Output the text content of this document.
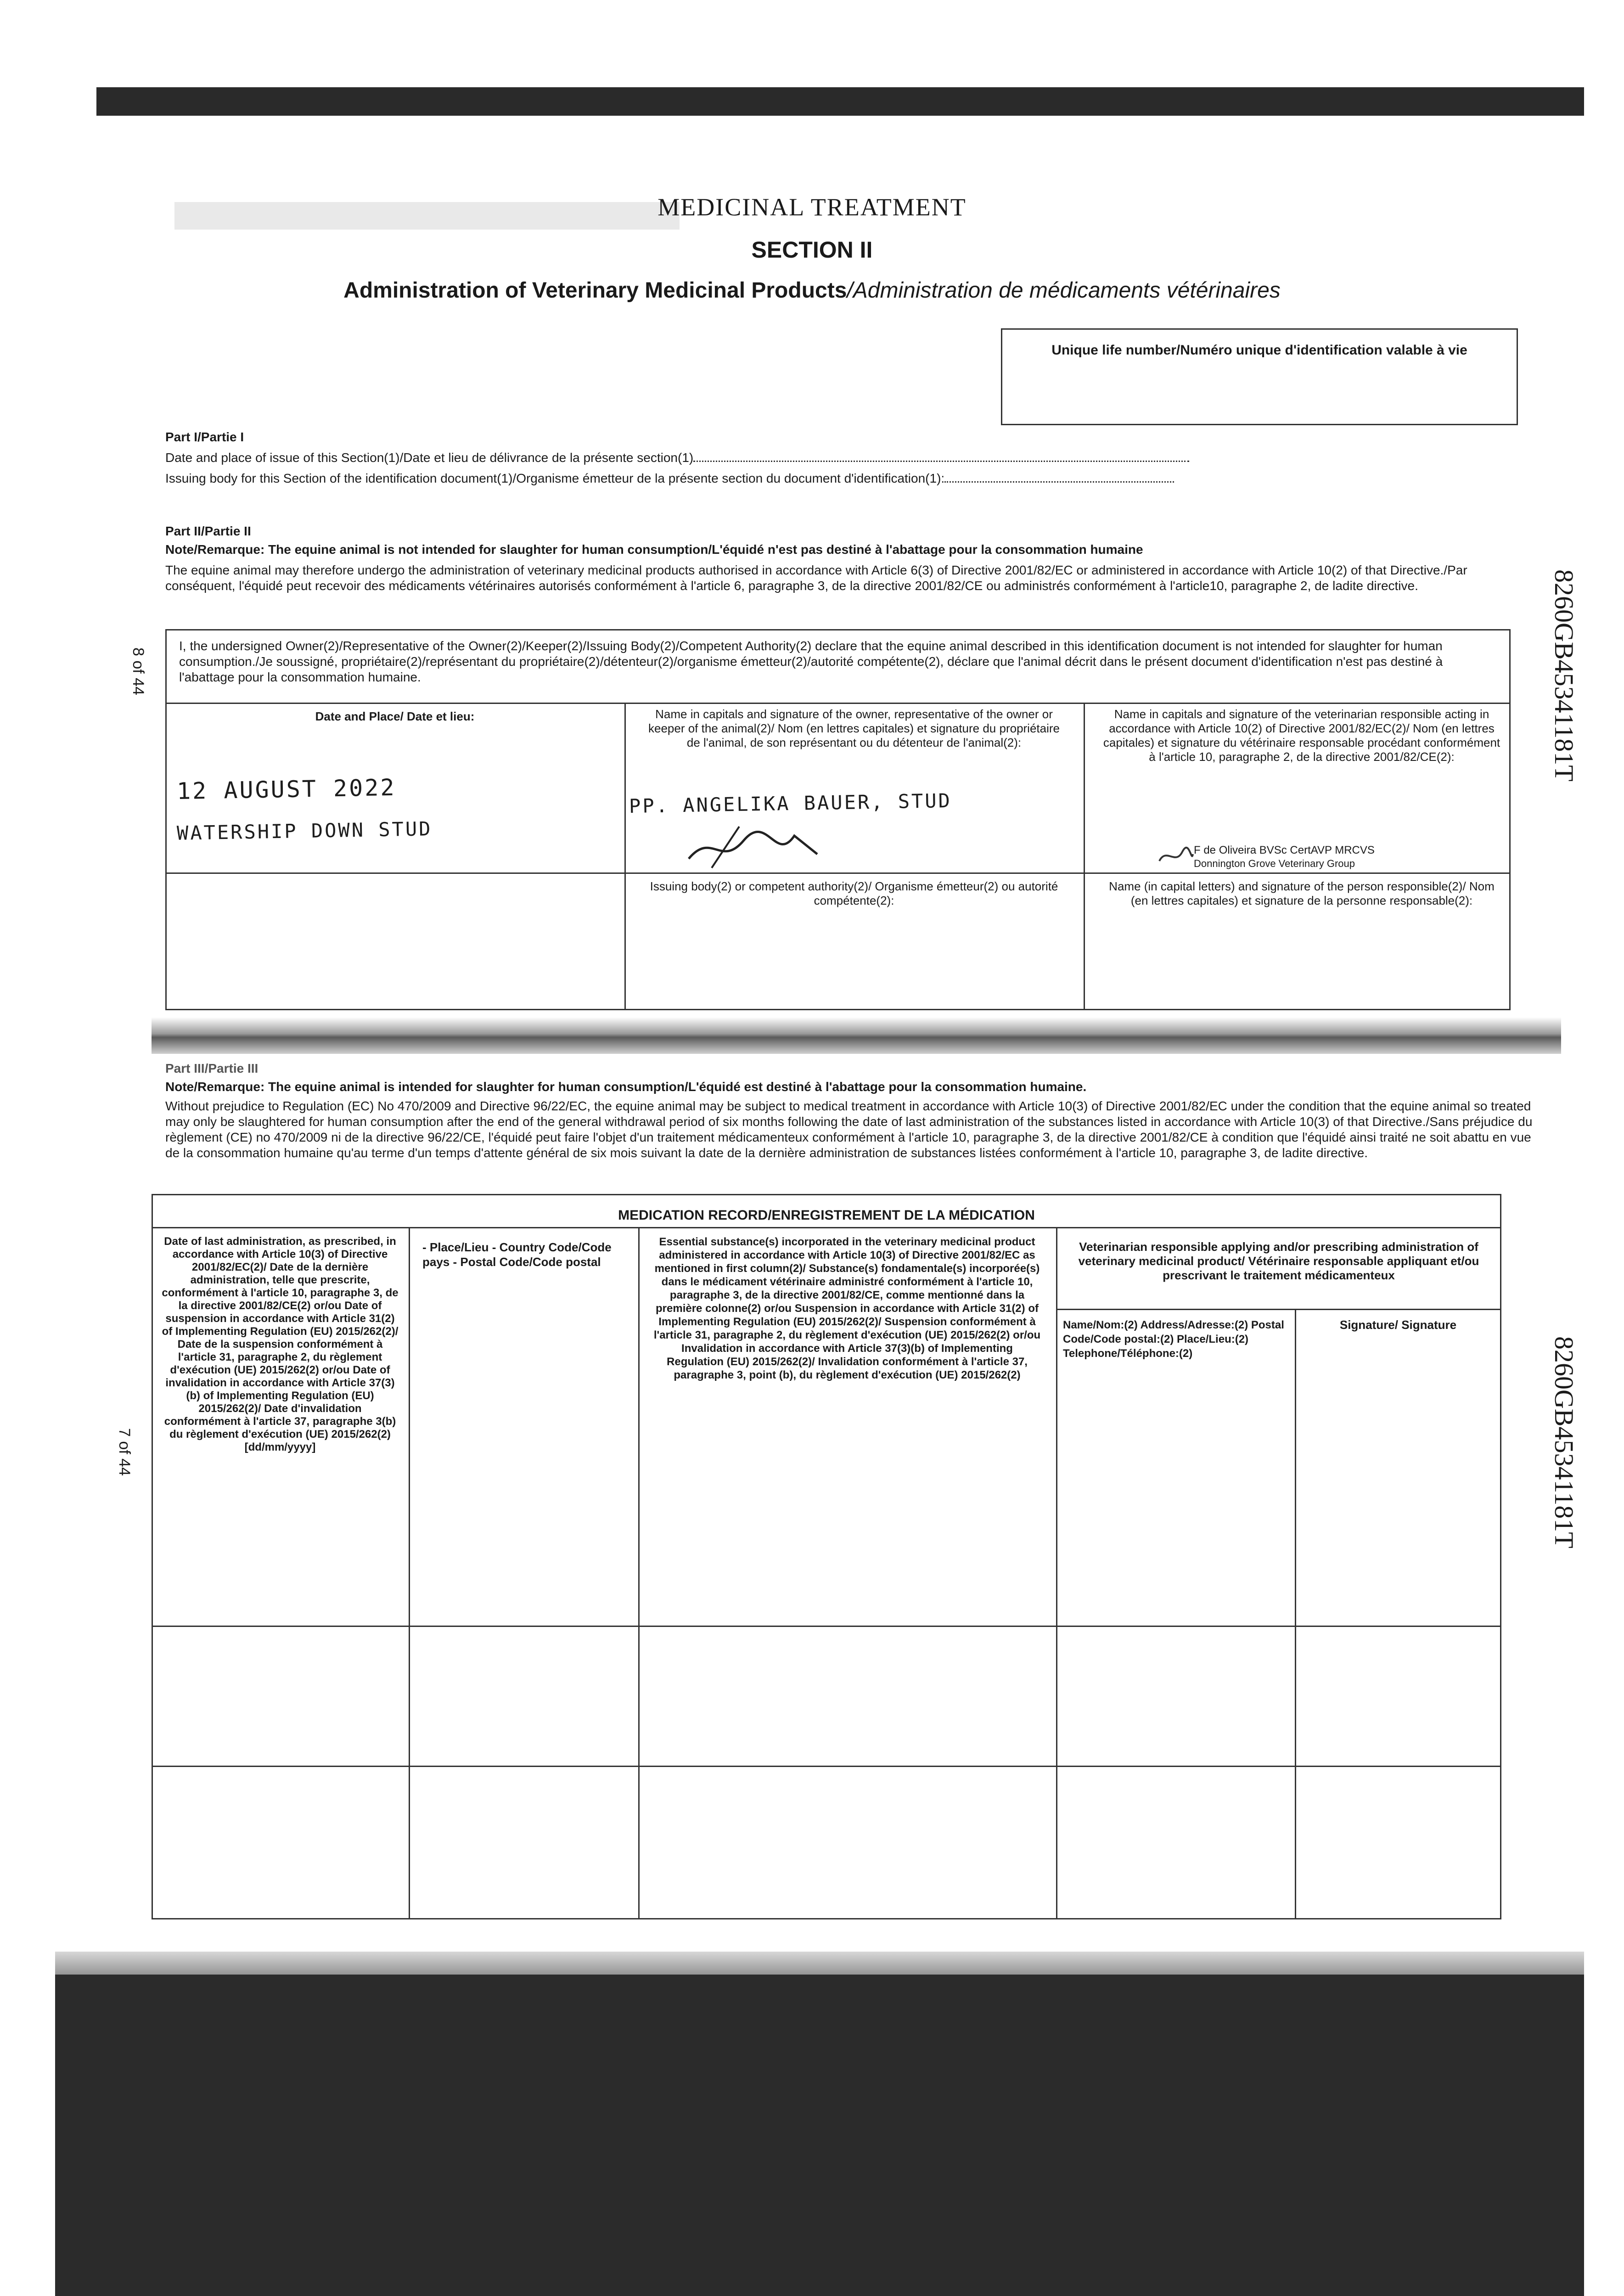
MEDICINAL TREATMENT
SECTION II
Administration of Veterinary Medicinal Products/Administration de médicaments vétérinaires
Unique life number/Numéro unique d'identification valable à vie
Part I/Partie I
Date and place of issue of this Section(1)/Date et lieu de délivrance de la présente section(1)
Issuing body for this Section of the identification document(1)/Organisme émetteur de la présente section du document d'identification(1):
Part II/Partie II
Note/Remarque: The equine animal is not intended for slaughter for human consumption/L'équidé n'est pas destiné à l'abattage pour la consommation humaine
The equine animal may therefore undergo the administration of veterinary medicinal products authorised in accordance with Article 6(3) of Directive 2001/82/EC or administered in accordance with Article 10(2) of that Directive./Par conséquent, l'équidé peut recevoir des médicaments vétérinaires autorisés conformément à l'article 6, paragraphe 3, de la directive 2001/82/CE ou administrés conformément à l'article10, paragraphe 2, de ladite directive.
I, the undersigned Owner(2)/Representative of the Owner(2)/Keeper(2)/Issuing Body(2)/Competent Authority(2) declare that the equine animal described in this identification document is not intended for slaughter for human consumption./Je soussigné, propriétaire(2)/représentant du propriétaire(2)/détenteur(2)/organisme émetteur(2)/autorité compétente(2), déclare que l'animal décrit dans le présent document d'identification n'est pas destiné à l'abattage pour la consommation humaine.
Date and Place/ Date et lieu:	Name in capitals and signature of the owner, representative of the owner or keeper of the animal(2)/ Nom (en lettres capitales) et signature du propriétaire de l'animal, de son représentant ou du détenteur de l'animal(2):
Name in capitals and signature of the veterinarian responsible acting in accordance with Article 10(2) of Directive 2001/82/EC(2)/ Nom (en lettres capitales) et signature du vétérinaire responsable procédant conformément à l'article 10, paragraphe 2, de la directive 2001/82/CE(2):
Issuing body(2) or competent authority(2)/ Organisme émetteur(2) ou autorité compétente(2):
Name (in capital letters) and signature of the person responsible(2)/ Nom (en lettres capitales) et signature de la personne responsable(2):
12 AUGUST 2022
WATERSHIP DOWN STUD
PP. ANGELIKA BAUER, STUD
F de Oliveira BVSc CertAVP MRCVS
Donnington Grove Veterinary Group
Part III/Partie III
Note/Remarque: The equine animal is intended for slaughter for human consumption/L'équidé est destiné à l'abattage pour la consommation humaine.
Without prejudice to Regulation (EC) No 470/2009 and Directive 96/22/EC, the equine animal may be subject to medical treatment in accordance with Article 10(3) of Directive 2001/82/EC under the condition that the equine animal so treated may only be slaughtered for human consumption after the end of the general withdrawal period of six months following the date of last administration of the substances listed in accordance with Article 10(3) of that Directive./Sans préjudice du règlement (CE) no 470/2009 ni de la directive 96/22/CE, l'équidé peut faire l'objet d'un traitement médicamenteux conformément à l'article 10, paragraphe 3, de la directive 2001/82/CE à condition que l'équidé ainsi traité ne soit abattu en vue de la consommation humaine qu'au terme d'un temps d'attente général de six mois suivant la date de la dernière administration de substances listées conformément à l'article 10, paragraphe 3, de ladite directive.
MEDICATION RECORD/ENREGISTREMENT DE LA MÉDICATION
Date of last administration, as prescribed, in accordance with Article 10(3) of Directive 2001/82/EC(2)/ Date de la dernière administration, telle que prescrite, conformément à l'article 10, paragraphe 3, de la directive 2001/82/CE(2) or/ou Date of suspension in accordance with Article 31(2) of Implementing Regulation (EU) 2015/262(2)/ Date de la suspension conformément à l'article 31, paragraphe 2, du règlement d'exécution (UE) 2015/262(2) or/ou Date of invalidation in accordance with Article 37(3)(b) of Implementing Regulation (EU) 2015/262(2)/ Date d'invalidation conformément à l'article 37, paragraphe 3(b) du règlement d'exécution (UE) 2015/262(2) [dd/mm/yyyy]
- Place/Lieu - Country Code/Code pays - Postal Code/Code postal
Essential substance(s) incorporated in the veterinary medicinal product administered in accordance with Article 10(3) of Directive 2001/82/EC as mentioned in first column(2)/ Substance(s) fondamentale(s) incorporée(s) dans le médicament vétérinaire administré conformément à l'article 10, paragraphe 3, de la directive 2001/82/CE, comme mentionné dans la première colonne(2) or/ou Suspension in accordance with Article 31(2) of Implementing Regulation (EU) 2015/262(2)/ Suspension conformément à l'article 31, paragraphe 2, du règlement d'exécution (UE) 2015/262(2) or/ou Invalidation in accordance with Article 37(3)(b) of Implementing Regulation (EU) 2015/262(2)/ Invalidation conformément à l'article 37, paragraphe 3, point (b), du règlement d'exécution (UE) 2015/262(2)
Veterinarian responsible applying and/or prescribing administration of veterinary medicinal product/ Vétérinaire responsable appliquant et/ou prescrivant le traitement médicamenteux
Name/Nom:(2) Address/Adresse:(2) Postal Code/Code postal:(2) Place/Lieu:(2) Telephone/Téléphone:(2)
Signature/ Signature
8260GB45341181T
8260GB45341181T
8 of 44
7 of 44
